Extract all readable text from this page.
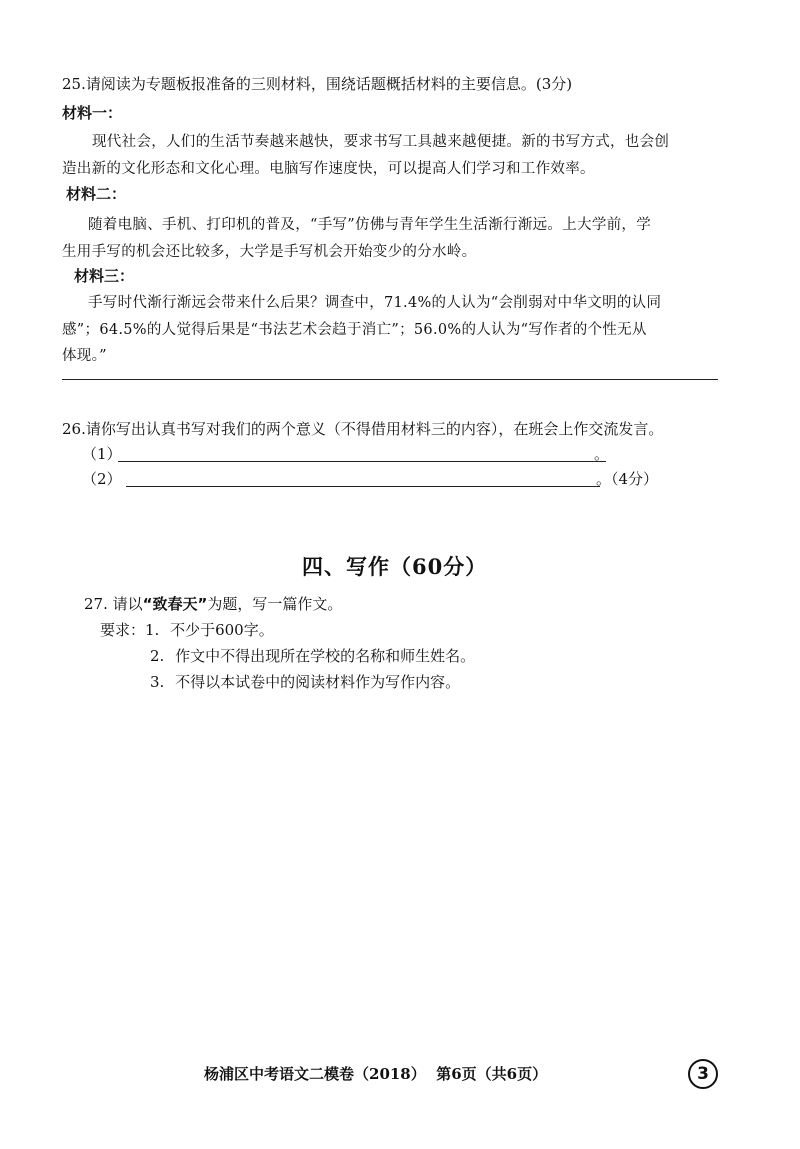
25.请阅读为专题板报准备的三则材料，围绕话题概括材料的主要信息。(3分)
材料一：
现代社会，人们的生活节奏越来越快，要求书写工具越来越便捷。新的书写方式，也会创
造出新的文化形态和文化心理。电脑写作速度快，可以提高人们学习和工作效率。
材料二：
随着电脑、手机、打印机的普及，“手写”仿佛与青年学生生活渐行渐远。上大学前，学
生用手写的机会还比较多，大学是手写机会开始变少的分水岭。
材料三：
手写时代渐行渐远会带来什么后果？调查中，71.4%的人认为“会削弱对中华文明的认同
感”；64.5%的人觉得后果是“书法艺术会趋于消亡”；56.0%的人认为“写作者的个性无从
体现。”
26.请你写出认真书写对我们的两个意义（不得借用材料三的内容），在班会上作交流发言。
（1）	。
（2）	。（4分）
四、写作（60分）
27. 请以“致春天”为题，写一篇作文。
要求：1. 不少于600字。
2. 作文中不得出现所在学校的名称和师生姓名。
3. 不得以本试卷中的阅读材料作为写作内容。
杨浦区中考语文二模卷（2018）  第6页（共6页）	3
